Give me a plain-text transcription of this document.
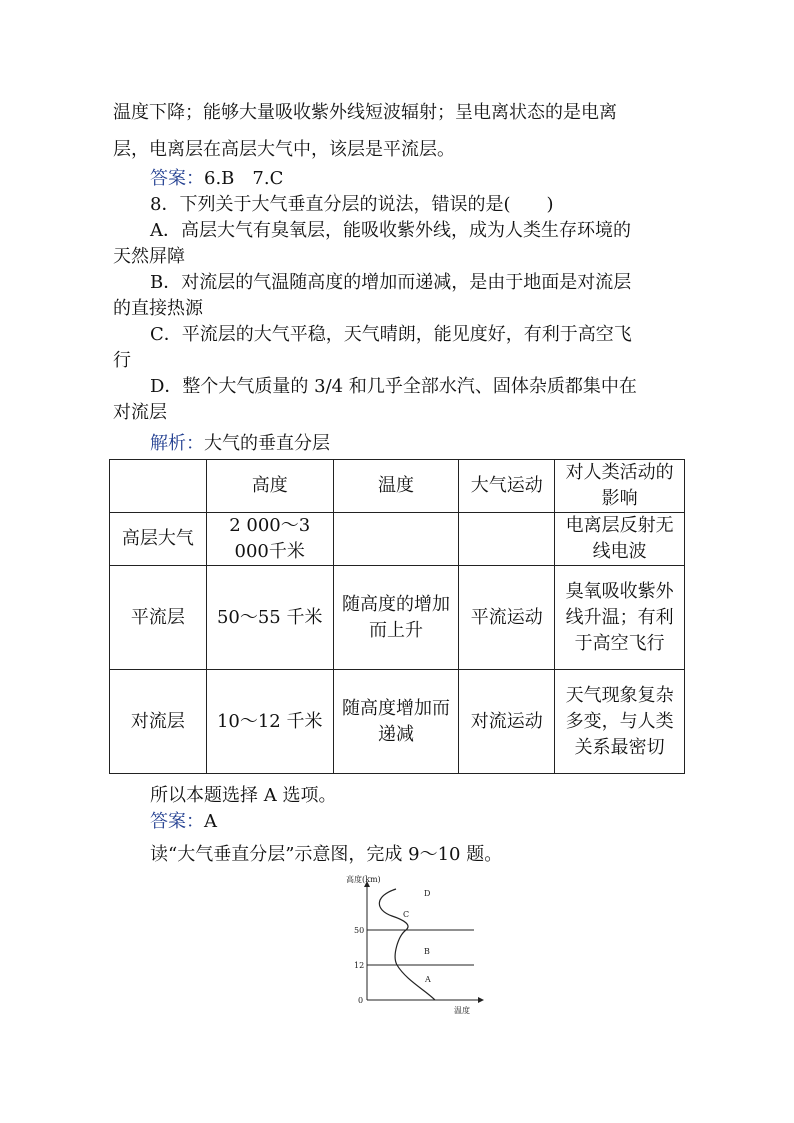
温度下降；能够大量吸收紫外线短波辐射；呈电离状态的是电离
层，电离层在高层大气中，该层是平流层。
答案：6.B　7.C
8．下列关于大气垂直分层的说法，错误的是(　　)
A．高层大气有臭氧层，能吸收紫外线，成为人类生存环境的
天然屏障
B．对流层的气温随高度的增加而递减，是由于地面是对流层
的直接热源
C．平流层的大气平稳，天气晴朗，能见度好，有利于高空飞
行
D．整个大气质量的 3/4 和几乎全部水汽、固体杂质都集中在
对流层
解析：大气的垂直分层
	高度	温度	大气运动	对人类活动的影响
高层大气	2 000～3 000千米			电离层反射无线电波
平流层	50～55 千米	随高度的增加而上升	平流运动	臭氧吸收紫外线升温；有利于高空飞行
对流层	10～12 千米	随高度增加而递减	对流运动	天气现象复杂多变，与人类关系最密切
所以本题选择 A 选项。
答案：A
读“大气垂直分层”示意图，完成 9～10 题。
高度(km)
温度
0
12
50
A
B
C
D
